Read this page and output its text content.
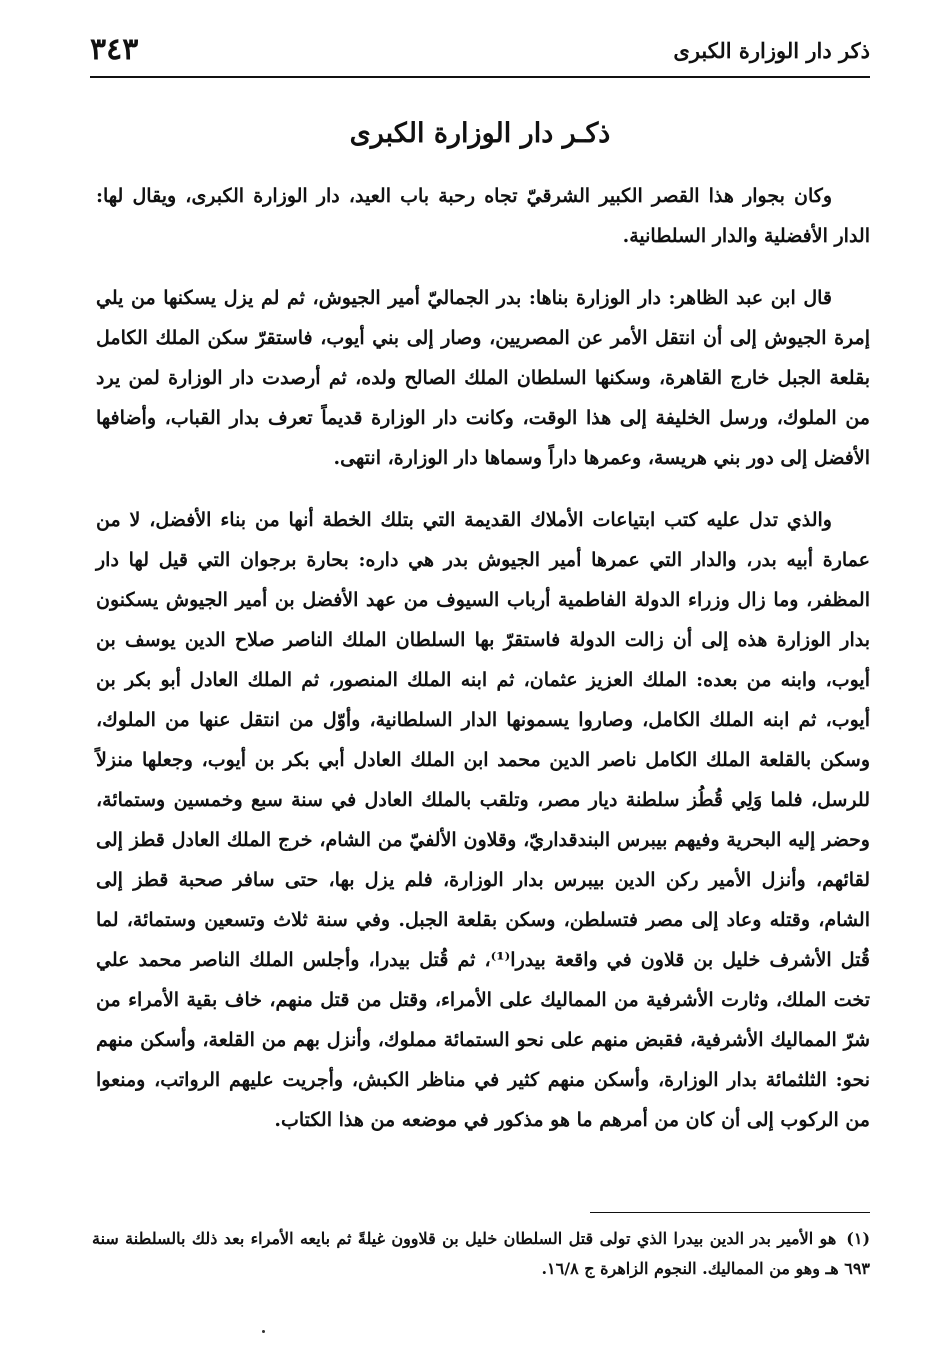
ذكر دار الوزارة الكبرى
٣٤٣
ذكـر دار الوزارة الكبرى

وكان بجوار هذا القصر الكبير الشرقيّ تجاه رحبة باب العيد، دار الوزارة الكبرى، ويقال لها: الدار الأفضلية والدار السلطانية.

قال ابن عبد الظاهر: دار الوزارة بناها: بدر الجماليّ أمير الجيوش، ثم لم يزل يسكنها من يلي إمرة الجيوش إلى أن انتقل الأمر عن المصريين، وصار إلى بني أيوب، فاستقرّ سكن الملك الكامل بقلعة الجبل خارج القاهرة، وسكنها السلطان الملك الصالح ولده، ثم أرصدت دار الوزارة لمن يرد من الملوك، ورسل الخليفة إلى هذا الوقت، وكانت دار الوزارة قديماً تعرف بدار القباب، وأضافها الأفضل إلى دور بني هريسة، وعمرها داراً وسماها دار الوزارة، انتهى.

والذي تدل عليه كتب ابتياعات الأملاك القديمة التي بتلك الخطة أنها من بناء الأفضل، لا من عمارة أبيه بدر، والدار التي عمرها أمير الجيوش بدر هي داره: بحارة برجوان التي قيل لها دار المظفر، وما زال وزراء الدولة الفاطمية أرباب السيوف من عهد الأفضل بن أمير الجيوش يسكنون بدار الوزارة هذه إلى أن زالت الدولة فاستقرّ بها السلطان الملك الناصر صلاح الدين يوسف بن أيوب، وابنه من بعده: الملك العزيز عثمان، ثم ابنه الملك المنصور، ثم الملك العادل أبو بكر بن أيوب، ثم ابنه الملك الكامل، وصاروا يسمونها الدار السلطانية، وأوّل من انتقل عنها من الملوك، وسكن بالقلعة الملك الكامل ناصر الدين محمد ابن الملك العادل أبي بكر بن أيوب، وجعلها منزلاً للرسل، فلما وَلِي قُطُز سلطنة ديار مصر، وتلقب بالملك العادل في سنة سبع وخمسين وستمائة، وحضر إليه البحرية وفيهم بيبرس البندقداريّ، وقلاون الألفيّ من الشام، خرج الملك العادل قطز إلى لقائهم، وأنزل الأمير ركن الدين بيبرس بدار الوزارة، فلم يزل بها، حتى سافر صحبة قطز إلى الشام، وقتله وعاد إلى مصر فتسلطن، وسكن بقلعة الجبل. وفي سنة ثلاث وتسعين وستمائة، لما قُتل الأشرف خليل بن قلاون في واقعة بيدرا⁽¹⁾، ثم قُتل بيدرا، وأجلس الملك الناصر محمد علي تخت الملك، وثارت الأشرفية من المماليك على الأمراء، وقتل من قتل منهم، خاف بقية الأمراء من شرّ المماليك الأشرفية، فقبض منهم على نحو الستمائة مملوك، وأنزل بهم من القلعة، وأسكن منهم نحو: الثلثمائة بدار الوزارة، وأسكن منهم كثير في مناظر الكبش، وأجريت عليهم الرواتب، ومنعوا من الركوب إلى أن كان من أمرهم ما هو مذكور في موضعه من هذا الكتاب.

(١)هو الأمير بدر الدين بيدرا الذي تولى قتل السلطان خليل بن قلاوون غيلةً ثم بايعه الأمراء بعد ذلك بالسلطنة سنة ٦٩٣ هـ وهو من المماليك. النجوم الزاهرة ج ١٦/٨.
